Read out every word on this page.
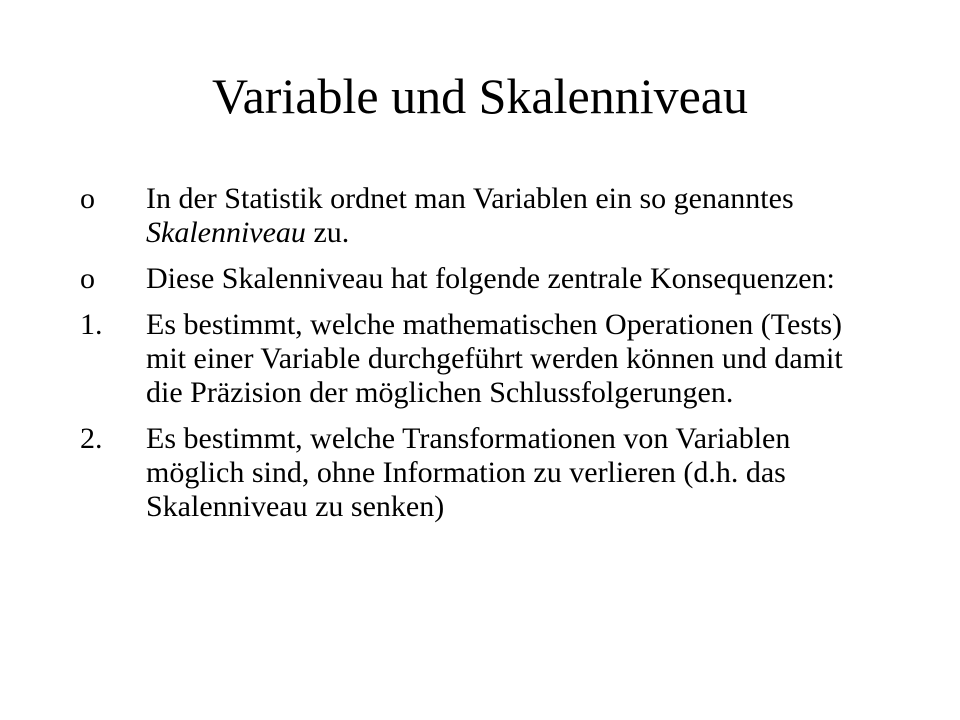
Variable und Skalenniveau
o	In der Statistik ordnet man Variablen ein so genanntes Skalenniveau zu.
o	Diese Skalenniveau hat folgende zentrale Konsequenzen:
1.	Es bestimmt, welche mathematischen Operationen (Tests) mit einer Variable durchgeführt werden können und damit die Präzision der möglichen Schlussfolgerungen.
2.	Es bestimmt, welche Transformationen von Variablen möglich sind, ohne Information zu verlieren (d.h. das Skalenniveau zu senken)
